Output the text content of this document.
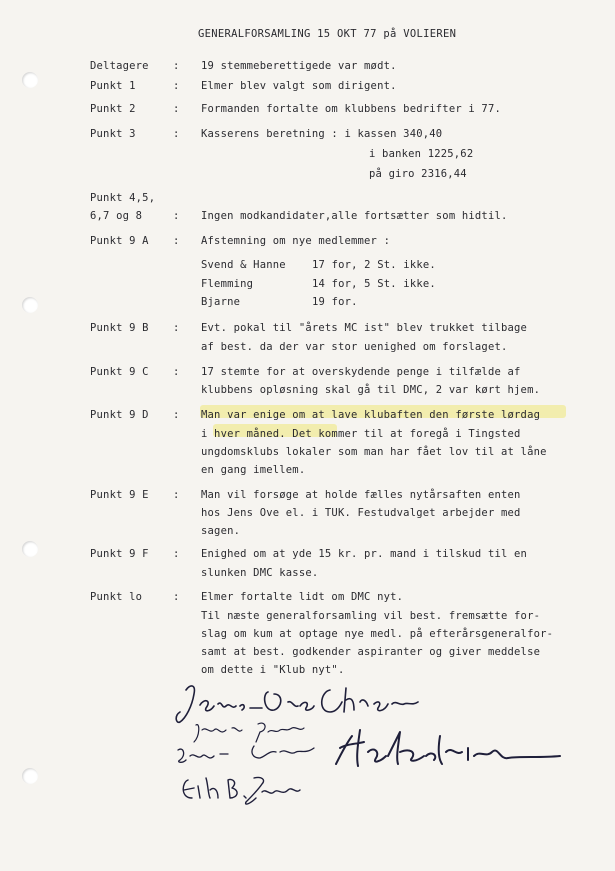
GENERALFORSAMLING 15 OKT 77 på VOLIEREN
Deltagere : 19 stemmeberettigede var mødt.
Punkt 1	: Elmer blev valgt som dirigent.
Punkt 2	: Formanden fortalte om klubbens bedrifter i 77.
Punkt 3	: Kasserens beretning : i kassen 340,40
i banken 1225,62
på giro 2316,44
Punkt 4,5,
6,7 og 8	: Ingen modkandidater,alle fortsætter som hidtil.
Punkt 9 A : Afstemning om nye medlemmer :
Svend & Hanne 17 for, 2 St. ikke.
Flemming	14 for, 5 St. ikke.
Bjarne	19 for.
Punkt 9 B : Evt. pokal til "årets MC ist" blev trukket tilbage
af best. da der var stor uenighed om forslaget.
Punkt 9 C : 17 stemte for at overskydende penge i tilfælde af
klubbens opløsning skal gå til DMC, 2 var kørt hjem.
Punkt 9 D : Man var enige om at lave klubaften den første lørdag
i hver måned. Det kommer til at foregå i Tingsted
ungdomsklubs lokaler som man har fået lov til at låne
en gang imellem.
Punkt 9 E : Man vil forsøge at holde fælles nytårsaften enten
hos Jens Ove el. i TUK. Festudvalget arbejder med
sagen.
Punkt 9 F : Enighed om at yde 15 kr. pr. mand i tilskud til en
slunken DMC kasse.
Punkt lo	: Elmer fortalte lidt om DMC nyt.
Til næste generalforsamling vil best. fremsætte for-
slag om kum at optage nye medl. på efterårsgeneralfor-
samt at best. godkender aspiranter og giver meddelse
om dette i "Klub nyt".
